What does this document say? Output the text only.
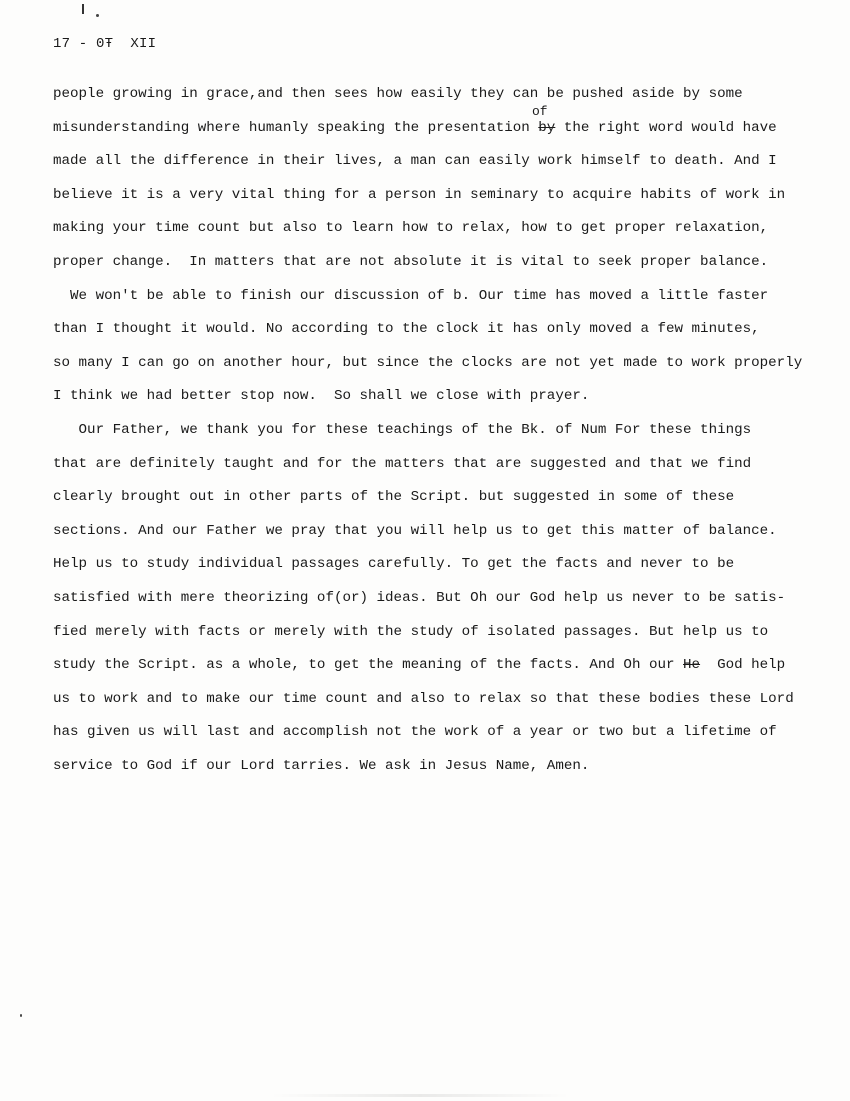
17 - 0Ŧ XII
people growing in grace,and then sees how easily they can be pushed aside by some
misunderstanding where humanly speaking the presentation by the right word would have
of
made all the difference in their lives, a man can easily work himself to death. And I
believe it is a very vital thing for a person in seminary to acquire habits of work in
making your time count but also to learn how to relax, how to get proper relaxation,
proper change.  In matters that are not absolute it is vital to seek proper balance.
We won't be able to finish our discussion of b. Our time has moved a little faster
than I thought it would. No according to the clock it has only moved a few minutes,
so many I can go on another hour, but since the clocks are not yet made to work properly
I think we had better stop now.  So shall we close with prayer.
Our Father, we thank you for these teachings of the Bk. of Num For these things
that are definitely taught and for the matters that are suggested and that we find
clearly brought out in other parts of the Script. but suggested in some of these
sections. And our Father we pray that you will help us to get this matter of balance.
Help us to study individual passages carefully. To get the facts and never to be
satisfied with mere theorizing of(or) ideas. But Oh our God help us never to be satis-
fied merely with facts or merely with the study of isolated passages. But help us to
study the Script. as a whole, to get the meaning of the facts. And Oh our He  God help
us to work and to make our time count and also to relax so that these bodies these Lord
has given us will last and accomplish not the work of a year or two but a lifetime of
service to God if our Lord tarries. We ask in Jesus Name, Amen.
